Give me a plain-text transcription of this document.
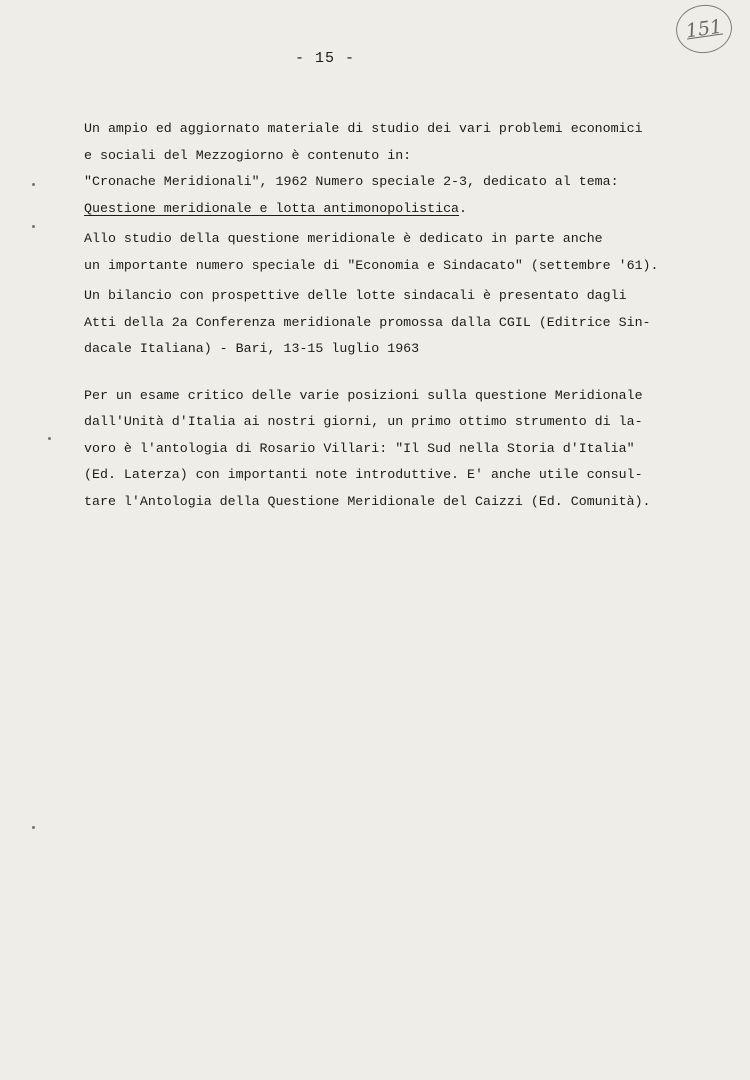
151
- 15 -
Un ampio ed aggiornato materiale di studio dei vari problemi economici
e sociali del Mezzogiorno è contenuto in:
"Cronache Meridionali", 1962 Numero speciale 2-3, dedicato al tema:
Questione meridionale e lotta antimonopolistica.
Allo studio della questione meridionale è dedicato in parte anche
un importante numero speciale di "Economia e Sindacato" (settembre '61).
Un bilancio con prospettive delle lotte sindacali è presentato dagli
Atti della 2a Conferenza meridionale promossa dalla CGIL (Editrice Sin-
dacale Italiana) - Bari, 13-15 luglio 1963
Per un esame critico delle varie posizioni sulla questione Meridionale
dall'Unità d'Italia ai nostri giorni, un primo ottimo strumento di la-
voro è l'antologia di Rosario Villari: "Il Sud nella Storia d'Italia"
(Ed. Laterza) con importanti note introduttive. E' anche utile consul-
tare l'Antologia della Questione Meridionale del Caizzi (Ed. Comunità).
